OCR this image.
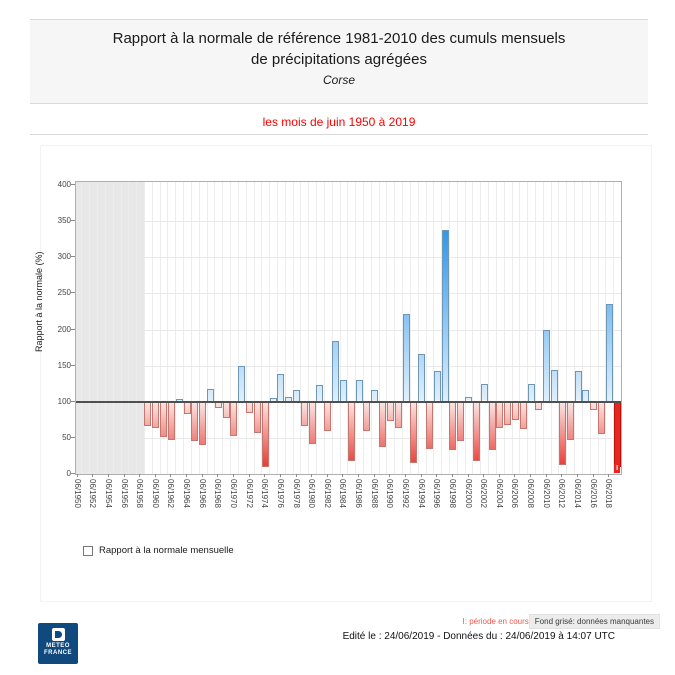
Rapport à la normale de référence 1981-2010 des cumuls mensuels
de précipitations agrégées
Corse
les mois de juin 1950 à 2019
Rapport à la normale (%)
I
Rapport à la normale mensuelle
0
50
100
150
200
250
300
350
400
06/1950 06/1952 06/1954 06/1956 06/1958 06/1960 06/1962 06/1964 06/1966 06/1968 06/1970 06/1972 06/1974 06/1976 06/1978 06/1980 06/1982 06/1984 06/1986 06/1988 06/1990 06/1992 06/1994 06/1996 06/1998 06/2000 06/2002 06/2004 06/2006 06/2008 06/2010 06/2012 06/2014 06/2016 06/2018
I: période en cours Fond grisé: données manquantes
Edité le : 24/06/2019 - Données du : 24/06/2019 à 14:07 UTC
METEO
FRANCE
